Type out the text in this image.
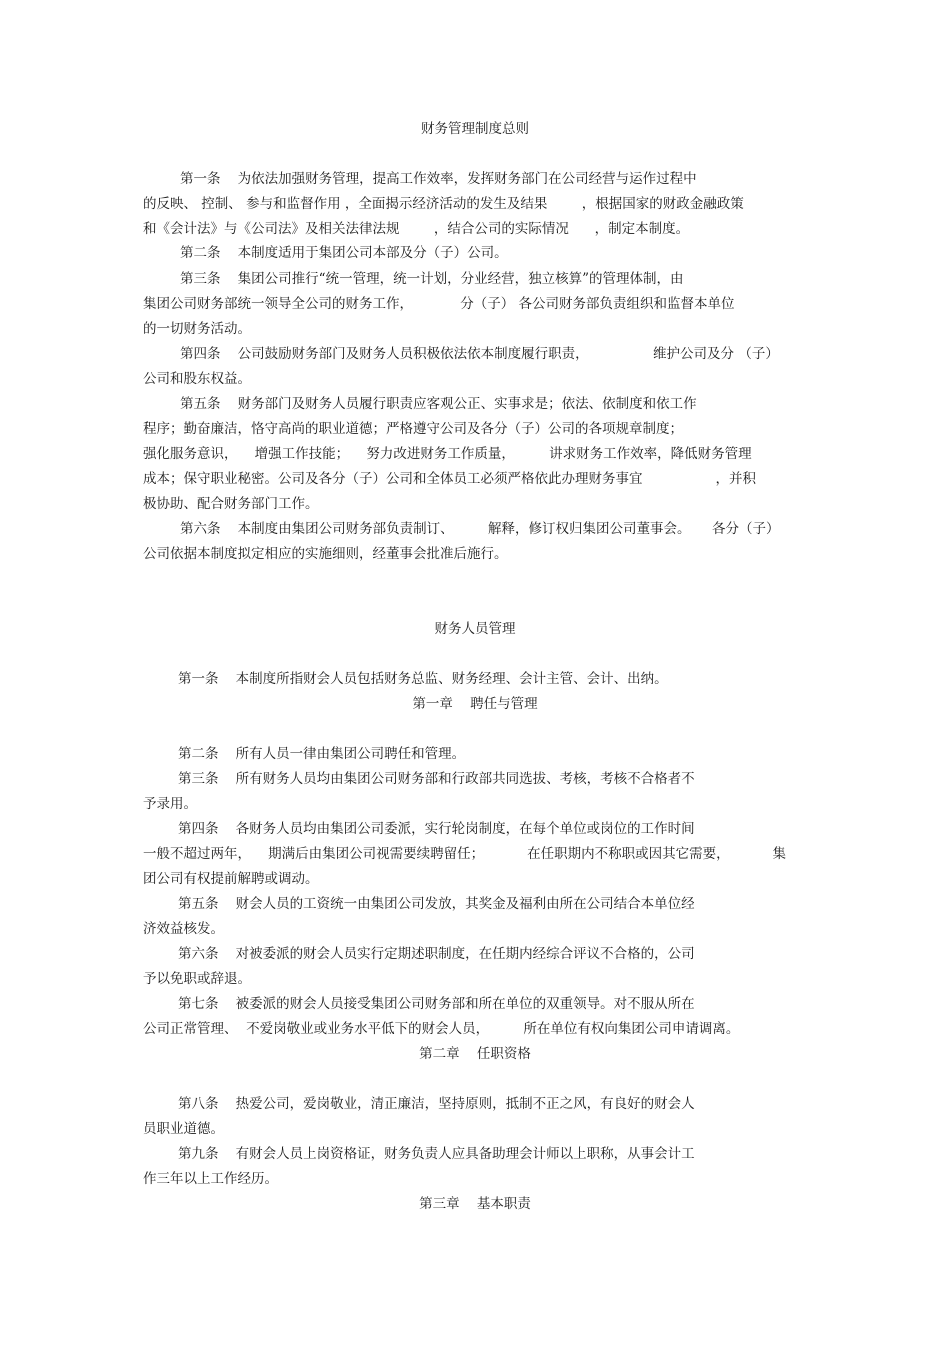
财务管理制度总则
第一条    为依法加强财务管理，提高工作效率，发挥财务部门在公司经营与运作过程中
的反映、 控制、 参与和监督作用 ，全面揭示经济活动的发生及结果        ，根据国家的财政金融政策
和《会计法》与《公司法》及相关法律法规        ，结合公司的实际情况      ，制定本制度。
第二条    本制度适用于集团公司本部及分（子）公司。
第三条    集团公司推行“统一管理，统一计划，分业经营，独立核算”的管理体制，由
集团公司财务部统一领导全公司的财务工作，           分（子） 各公司财务部负责组织和监督本单位
的一切财务活动。
第四条    公司鼓励财务部门及财务人员积极依法依本制度履行职责，               维护公司及分 （子）
公司和股东权益。
第五条    财务部门及财务人员履行职责应客观公正、实事求是；依法、依制度和依工作
程序；勤奋廉洁，恪守高尚的职业道德；严格遵守公司及各分（子）公司的各项规章制度；
强化服务意识，    增强工作技能；    努力改进财务工作质量，        讲求财务工作效率，降低财务管理
成本；保守职业秘密。公司及各分（子）公司和全体员工必须严格依此办理财务事宜                 ，并积
极协助、配合财务部门工作。
第六条    本制度由集团公司财务部负责制订、        解释，修订权归集团公司董事会。     各分（子）
公司依据本制度拟定相应的实施细则，经董事会批准后施行。
财务人员管理
第一条    本制度所指财会人员包括财务总监、财务经理、会计主管、会计、出纳。
第一章    聘任与管理
第二条    所有人员一律由集团公司聘任和管理。
第三条    所有财务人员均由集团公司财务部和行政部共同选拔、考核，考核不合格者不
予录用。
第四条    各财务人员均由集团公司委派，实行轮岗制度，在每个单位或岗位的工作时间
一般不超过两年，    期满后由集团公司视需要续聘留任；          在任职期内不称职或因其它需要，          集
团公司有权提前解聘或调动。
第五条    财会人员的工资统一由集团公司发放，其奖金及福利由所在公司结合本单位经
济效益核发。
第六条    对被委派的财会人员实行定期述职制度，在任期内经综合评议不合格的，公司
予以免职或辞退。
第七条    被委派的财会人员接受集团公司财务部和所在单位的双重领导。对不服从所在
公司正常管理、  不爱岗敬业或业务水平低下的财会人员，        所在单位有权向集团公司申请调离。
第二章    任职资格
第八条    热爱公司，爱岗敬业，清正廉洁，坚持原则，抵制不正之风，有良好的财会人
员职业道德。
第九条    有财会人员上岗资格证，财务负责人应具备助理会计师以上职称，从事会计工
作三年以上工作经历。
第三章    基本职责
